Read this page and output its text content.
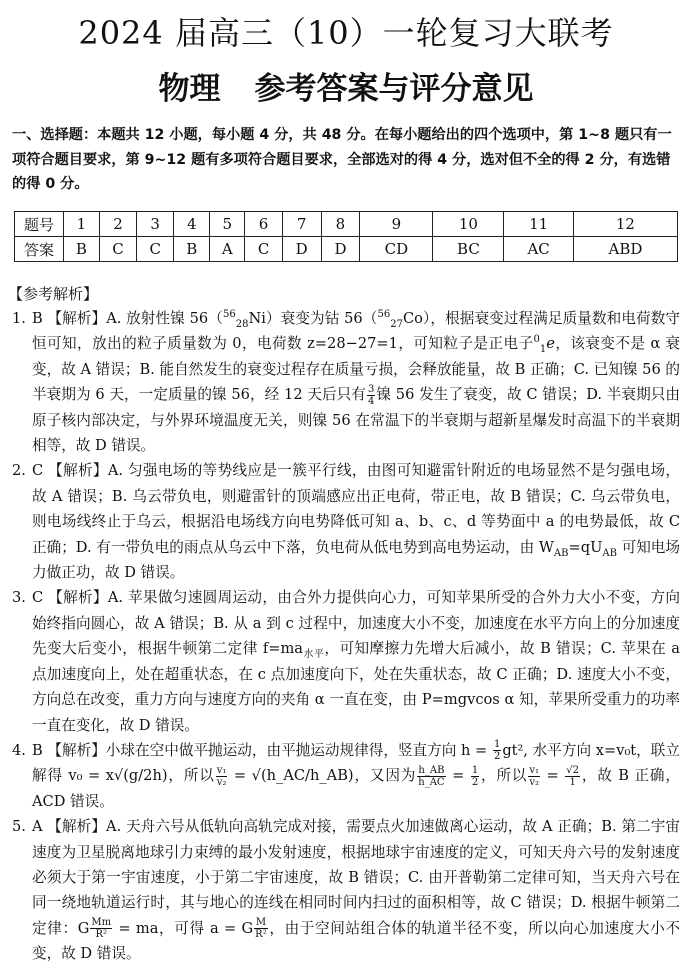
2024 届高三（10）一轮复习大联考
物理 参考答案与评分意见
一、选择题：本题共 12 小题，每小题 4 分，共 48 分。在每小题给出的四个选项中，第 1~8 题只有一项符合题目要求，第 9~12 题有多项符合题目要求，全部选对的得 4 分，选对但不全的得 2 分，有选错的得 0 分。
题号	1	2	3	4	5	6	7	8	9	10	11	12
答案	B	C	C	B	A	C	D	D	CD	BC	AC	ABD
【参考解析】
1. B 【解析】A. 放射性镍 56（$^{56}_{28}$Ni）衰变为钴 56（$^{56}_{27}$Co），根据衰变过程满足质量数和电荷数守恒可知，放出的粒子质量数为 0，电荷数 z=28−27=1，可知粒子是正电子$^0_1$e，该衰变不是 α 衰变，故 A 错误；B. 能自然发生的衰变过程存在质量亏损，会释放能量，故 B 正确；C. 已知镍 56 的半衰期为 6 天，一定质量的镍 56，经 12 天后只有 $\frac{3}{4}$ 镍 56 发生了衰变，故 C 错误；D. 半衰期只由原子核内部决定，与外界环境温度无关，则镍 56 在常温下的半衰期与超新星爆发时高温下的半衰期相等，故 D 错误。
2. C 【解析】A. 匀强电场的等势线应是一簇平行线，由图可知避雷针附近的电场显然不是匀强电场，故 A 错误；B. 乌云带负电，则避雷针的顶端感应出正电荷，带正电，故 B 错误；C. 乌云带负电，则电场线终止于乌云，根据沿电场线方向电势降低可知 a、b、c、d 等势面中 a 的电势最低，故 C 正确；D. 有一带负电的雨点从乌云中下落，负电荷从低电势到高电势运动，由 $W_{AB}=qU_{AB}$ 可知电场力做正功，故 D 错误。
3. C 【解析】A. 苹果做匀速圆周运动，由合外力提供向心力，可知苹果所受的合外力大小不变，方向始终指向圆心，故 A 错误；B. 从 a 到 c 过程中，加速度大小不变，加速度在水平方向上的分加速度先变大后变小，根据牛顿第二定律 $f=ma_{水平}$，可知摩擦力先增大后减小，故 B 错误；C. 苹果在 a 点加速度向上，处在超重状态，在 c 点加速度向下，处在失重状态，故 C 正确；D. 速度大小不变，方向总在改变，重力方向与速度方向的夹角 α 一直在变，由 P=mgvcos α 知，苹果所受重力的功率一直在变化，故 D 错误。
4. B 【解析】小球在空中做平抛运动，由平抛运动规律得，竖直方向 $h = \frac{1}{2} gt^2$, 水平方向 x=v₀t，联立解得 v₀ = x√(g/2h)，所以 $\frac{\text{v₁}}{\text{v₂}}$ = √(h_AC/h_AB)，又因为 $\frac{h\_AB}{h\_AC} = \frac{1}{2}$ ，所以 $\frac{\text{v₁}}{\text{v₂}} = \frac{√2}{1}$ ，故 B 正确，ACD 错误。
5. A 【解析】A. 天舟六号从低轨向高轨完成对接，需要点火加速做离心运动，故 A 正确；B. 第二宇宙速度为卫星脱离地球引力束缚的最小发射速度，根据地球宇宙速度的定义，可知天舟六号的发射速度必须大于第一宇宙速度，小于第二宇宙速度，故 B 错误；C. 由开普勒第二定律可知，当天舟六号在同一绕地轨道运行时，其与地心的连线在相同时间内扫过的面积相等，故 C 错误；D. 根据牛顿第二定律：G $\frac{Mm}{\text{R²}}$ = ma，可得 a = G $\frac{M}{\text{R²}}$ ，由于空间站组合体的轨道半径不变，所以向心加速度大小不变，故 D 错误。
